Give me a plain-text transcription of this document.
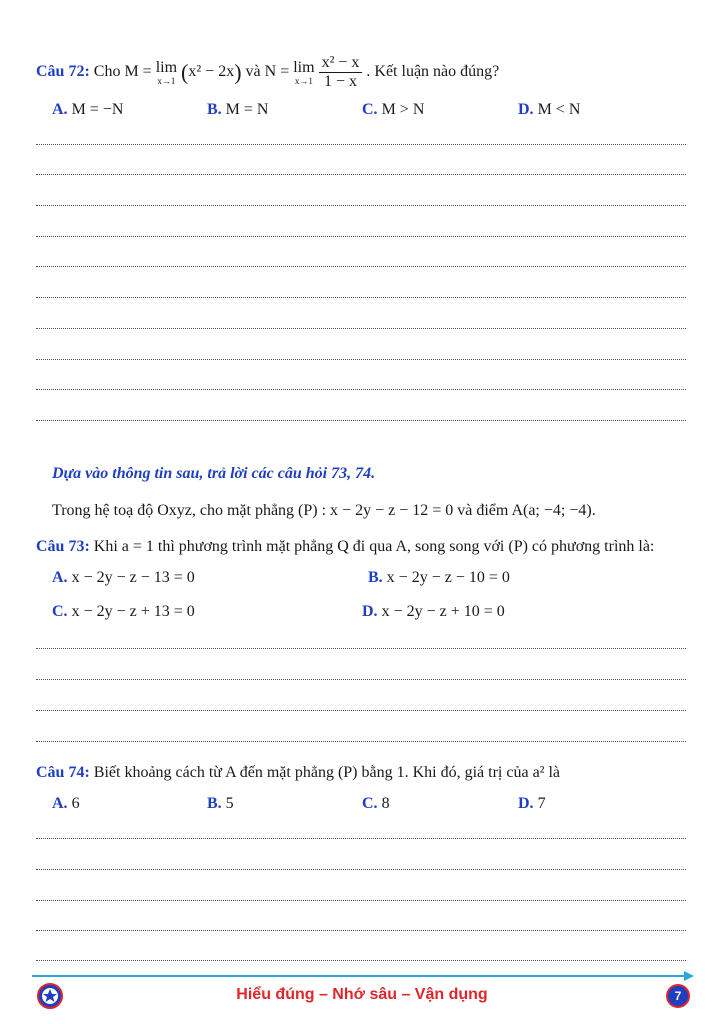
Câu 72: Cho M = lim
x→1 (x² − 2x) và N = lim
x→1
$\frac{\text{x² − x}}{1 - x}$ . Kết luận nào đúng?
A. M = −N	B. M = N	C. M > N	D. M < N
Dựa vào thông tin sau, trả lời các câu hỏi 73, 74.
Trong hệ toạ độ Oxyz, cho mặt phẳng (P) : x − 2y − z − 12 = 0 và điểm A(a; −4; −4).
Câu 73: Khi a = 1 thì phương trình mặt phẳng Q đi qua A, song song với (P) có phương trình là:
A. x − 2y − z − 13 = 0	B. x − 2y − z − 10 = 0
C. x − 2y − z + 13 = 0	D. x − 2y − z + 10 = 0
Câu 74: Biết khoảng cách từ A đến mặt phẳng (P) bằng 1. Khi đó, giá trị của a² là
A. 6	B. 5	C. 8	D. 7
Hiểu đúng – Nhớ sâu – Vận dụng	7
